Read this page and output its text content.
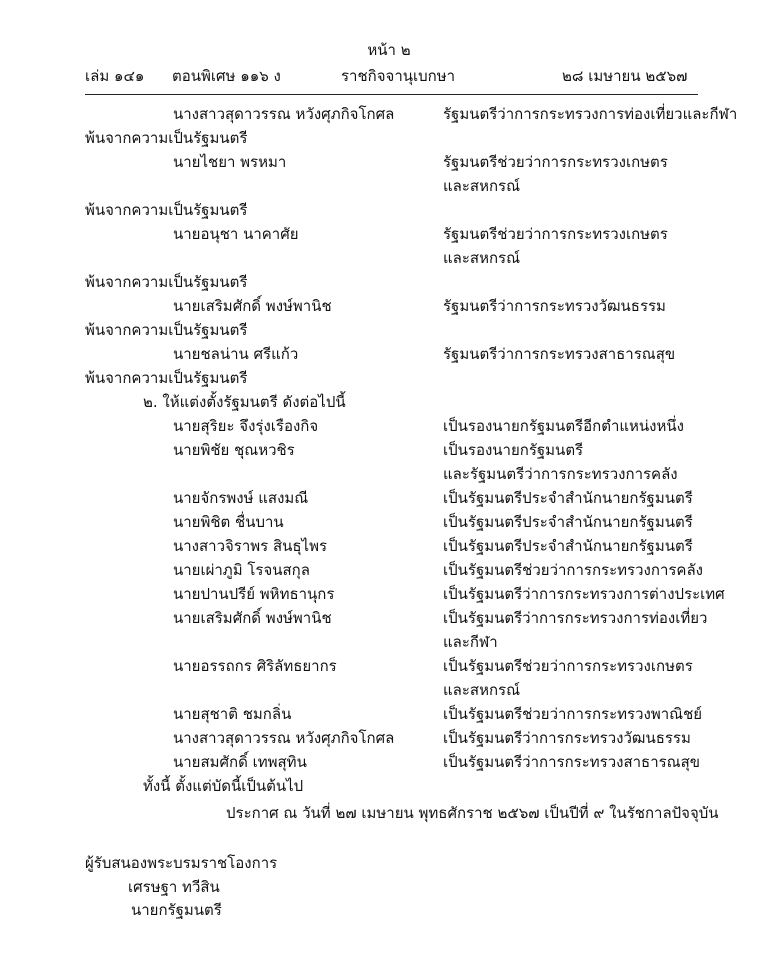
หน้า ๒
เล่ม ๑๔๑ ตอนพิเศษ ๑๑๖ ง	ราชกิจจานุเบกษา	๒๘ เมษายน ๒๕๖๗
นางสาวสุดาวรรณ หวังศุภกิจโกศล	รัฐมนตรีว่าการกระทรวงการท่องเที่ยวและกีฬา
พ้นจากความเป็นรัฐมนตรี
นายไชยา พรหมา	รัฐมนตรีช่วยว่าการกระทรวงเกษตร
และสหกรณ์
พ้นจากความเป็นรัฐมนตรี
นายอนุชา นาคาศัย	รัฐมนตรีช่วยว่าการกระทรวงเกษตร
และสหกรณ์
พ้นจากความเป็นรัฐมนตรี
นายเสริมศักดิ์ พงษ์พานิช	รัฐมนตรีว่าการกระทรวงวัฒนธรรม
พ้นจากความเป็นรัฐมนตรี
นายชลน่าน ศรีแก้ว	รัฐมนตรีว่าการกระทรวงสาธารณสุข
พ้นจากความเป็นรัฐมนตรี
๒. ให้แต่งตั้งรัฐมนตรี ดังต่อไปนี้
นายสุริยะ จึงรุ่งเรืองกิจ	เป็นรองนายกรัฐมนตรีอีกตำแหน่งหนึ่ง
นายพิชัย ชุณหวชิร	เป็นรองนายกรัฐมนตรี
และรัฐมนตรีว่าการกระทรวงการคลัง
นายจักรพงษ์ แสงมณี	เป็นรัฐมนตรีประจำสำนักนายกรัฐมนตรี
นายพิชิต ชื่นบาน	เป็นรัฐมนตรีประจำสำนักนายกรัฐมนตรี
นางสาวจิราพร สินธุไพร	เป็นรัฐมนตรีประจำสำนักนายกรัฐมนตรี
นายเผ่าภูมิ โรจนสกุล	เป็นรัฐมนตรีช่วยว่าการกระทรวงการคลัง
นายปานปรีย์ พหิทธานุกร	เป็นรัฐมนตรีว่าการกระทรวงการต่างประเทศ
นายเสริมศักดิ์ พงษ์พานิช	เป็นรัฐมนตรีว่าการกระทรวงการท่องเที่ยว
และกีฬา
นายอรรถกร ศิริลัทธยากร	เป็นรัฐมนตรีช่วยว่าการกระทรวงเกษตร
และสหกรณ์
นายสุชาติ ชมกลิ่น	เป็นรัฐมนตรีช่วยว่าการกระทรวงพาณิชย์
นางสาวสุดาวรรณ หวังศุภกิจโกศล	เป็นรัฐมนตรีว่าการกระทรวงวัฒนธรรม
นายสมศักดิ์ เทพสุทิน	เป็นรัฐมนตรีว่าการกระทรวงสาธารณสุข
ทั้งนี้ ตั้งแต่บัดนี้เป็นต้นไป
ประกาศ ณ วันที่ ๒๗ เมษายน พุทธศักราช ๒๕๖๗ เป็นปีที่ ๙ ในรัชกาลปัจจุบัน
ผู้รับสนองพระบรมราชโองการ
เศรษฐา ทวีสิน
นายกรัฐมนตรี
